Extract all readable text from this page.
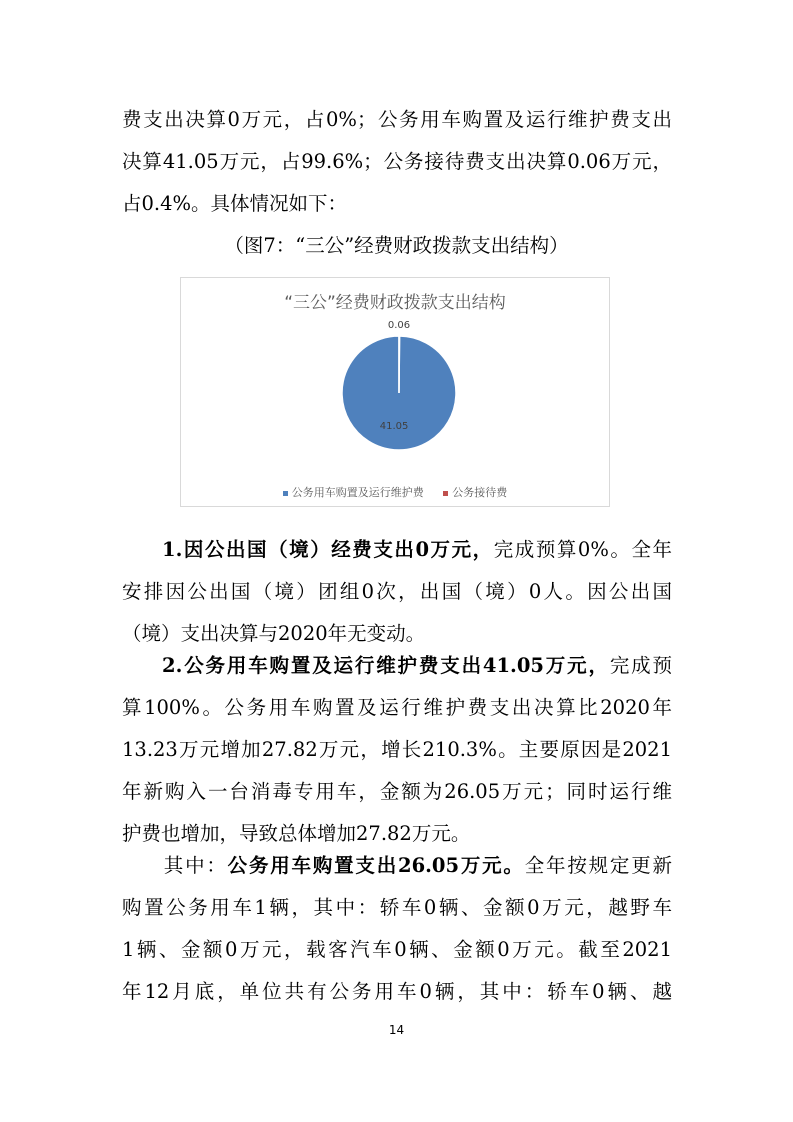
费支出决算0万元，占0%；公务用车购置及运行维护费支出
决算41.05万元，占99.6%；公务接待费支出决算0.06万元，
占0.4%。具体情况如下：
（图7：“三公”经费财政拨款支出结构）
“三公”经费财政拨款支出结构
41.05
0.06
公务用车购置及运行维护费	公务接待费
1.因公出国（境）经费支出0万元，完成预算0%。全年
安排因公出国（境）团组0次，出国（境）0人。因公出国
（境）支出决算与2020年无变动。
2.公务用车购置及运行维护费支出41.05万元，完成预
算100%。公务用车购置及运行维护费支出决算比2020年
13.23万元增加27.82万元，增长210.3%。主要原因是2021
年新购入一台消毒专用车，金额为26.05万元；同时运行维
护费也增加，导致总体增加27.82万元。
其中：公务用车购置支出26.05万元。全年按规定更新
购置公务用车1辆，其中：轿车0辆、金额0万元，越野车
1辆、金额0万元，载客汽车0辆、金额0万元。截至2021
年12月底，单位共有公务用车0辆，其中：轿车0辆、越
14
